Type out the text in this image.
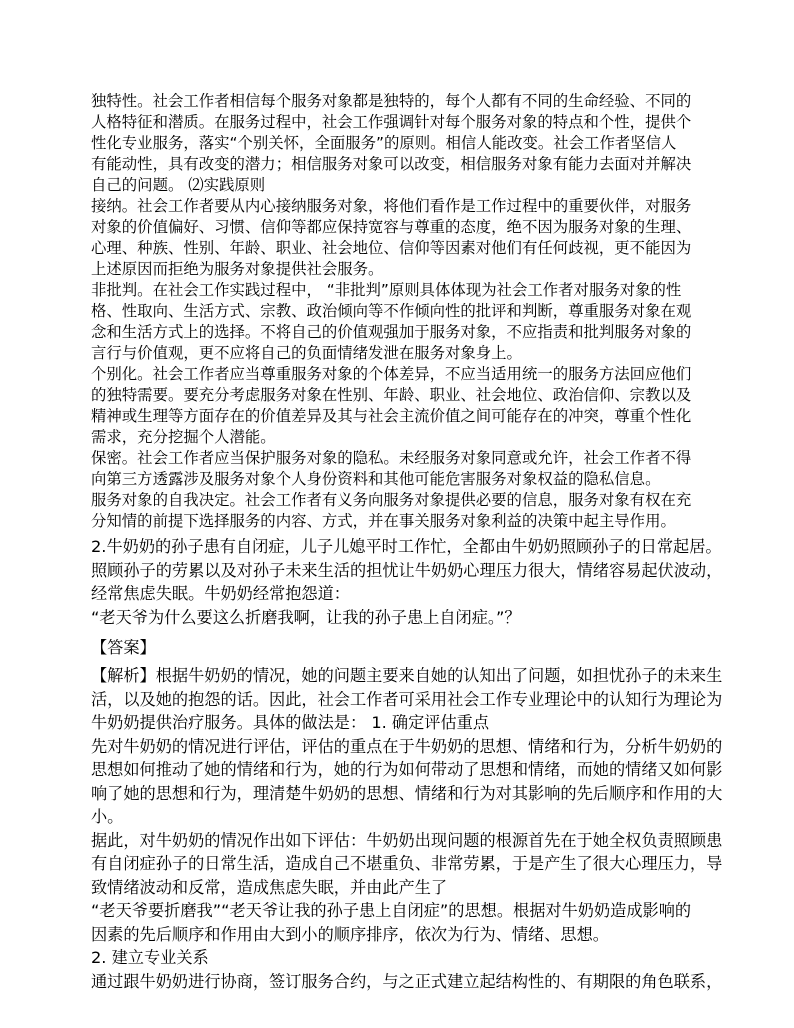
独特性。社会工作者相信每个服务对象都是独特的，每个人都有不同的生命经验、不同的
人格特征和潜质。在服务过程中，社会工作强调针对每个服务对象的特点和个性，提供个
性化专业服务，落实“个别关怀，全面服务”的原则。相信人能改变。社会工作者坚信人
有能动性，具有改变的潜力；相信服务对象可以改变，相信服务对象有能力去面对并解决
自己的问题。 ⑵实践原则
接纳。社会工作者要从内心接纳服务对象，将他们看作是工作过程中的重要伙伴，对服务
对象的价值偏好、习惯、信仰等都应保持宽容与尊重的态度，绝不因为服务对象的生理、
心理、种族、性别、年龄、职业、社会地位、信仰等因素对他们有任何歧视，更不能因为
上述原因而拒绝为服务对象提供社会服务。
非批判。在社会工作实践过程中， “非批判”原则具体体现为社会工作者对服务对象的性
格、性取向、生活方式、宗教、政治倾向等不作倾向性的批评和判断，尊重服务对象在观
念和生活方式上的选择。不将自己的价值观强加于服务对象，不应指责和批判服务对象的
言行与价值观，更不应将自己的负面情绪发泄在服务对象身上。
个别化。社会工作者应当尊重服务对象的个体差异，不应当适用统一的服务方法回应他们
的独特需要。要充分考虑服务对象在性别、年龄、职业、社会地位、政治信仰、宗教以及
精神或生理等方面存在的价值差异及其与社会主流价值之间可能存在的冲突，尊重个性化
需求，充分挖掘个人潜能。
保密。社会工作者应当保护服务对象的隐私。未经服务对象同意或允许，社会工作者不得
向第三方透露涉及服务对象个人身份资料和其他可能危害服务对象权益的隐私信息。
服务对象的自我决定。社会工作者有义务向服务对象提供必要的信息，服务对象有权在充
分知情的前提下选择服务的内容、方式，并在事关服务对象利益的决策中起主导作用。
2.牛奶奶的孙子患有自闭症，儿子儿媳平时工作忙，全都由牛奶奶照顾孙子的日常起居。
照顾孙子的劳累以及对孙子未来生活的担忧让牛奶奶心理压力很大，情绪容易起伏波动，
经常焦虑失眠。牛奶奶经常抱怨道：
“老天爷为什么要这么折磨我啊，让我的孙子患上自闭症。”？
【答案】
【解析】根据牛奶奶的情况，她的问题主要来自她的认知出了问题，如担忧孙子的未来生
活，以及她的抱怨的话。因此，社会工作者可采用社会工作专业理论中的认知行为理论为
牛奶奶提供治疗服务。具体的做法是： 1. 确定评估重点
先对牛奶奶的情况进行评估，评估的重点在于牛奶奶的思想、情绪和行为，分析牛奶奶的
思想如何推动了她的情绪和行为，她的行为如何带动了思想和情绪，而她的情绪又如何影
响了她的思想和行为，理清楚牛奶奶的思想、情绪和行为对其影响的先后顺序和作用的大
小。
据此，对牛奶奶的情况作出如下评估：牛奶奶出现问题的根源首先在于她全权负责照顾患
有自闭症孙子的日常生活，造成自己不堪重负、非常劳累，于是产生了很大心理压力，导
致情绪波动和反常，造成焦虑失眠，并由此产生了
“老天爷要折磨我”“老天爷让我的孙子患上自闭症”的思想。根据对牛奶奶造成影响的
因素的先后顺序和作用由大到小的顺序排序，依次为行为、情绪、思想。
2. 建立专业关系
通过跟牛奶奶进行协商，签订服务合约，与之正式建立起结构性的、有期限的角色联系，
